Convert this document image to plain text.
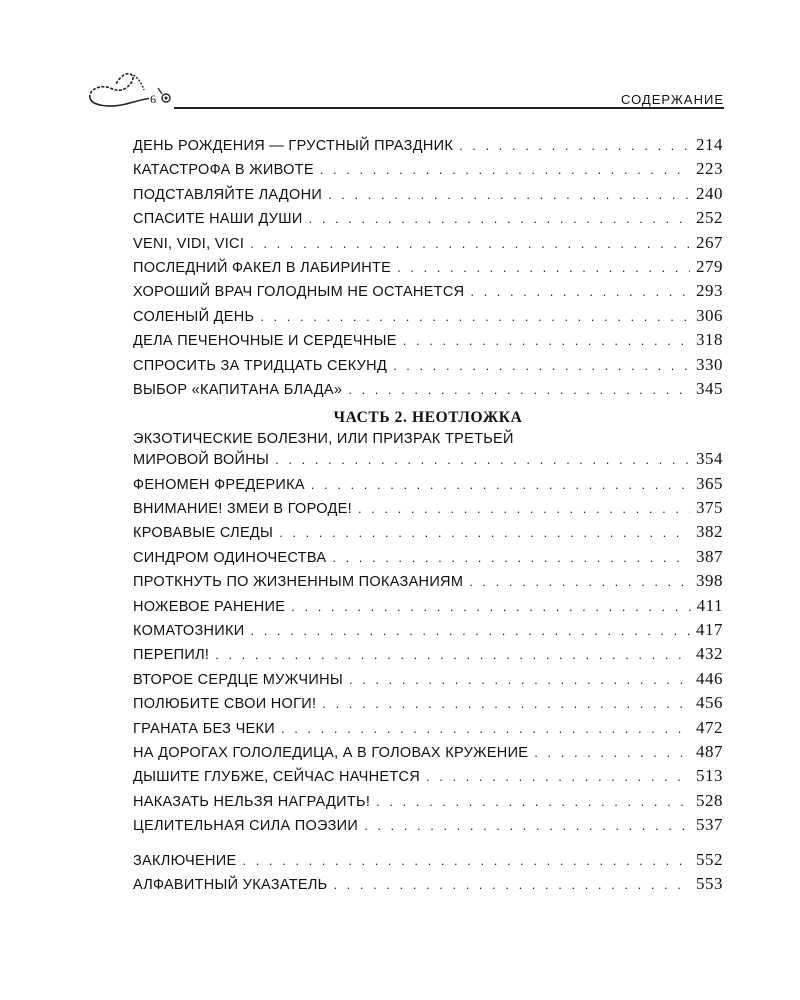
6	СОДЕРЖАНИЕ
ДЕНЬ РОЖДЕНИЯ — ГРУСТНЫЙ ПРАЗДНИК . . .	214
КАТАСТРОФА В ЖИВОТЕ . . .	223
ПОДСТАВЛЯЙТЕ ЛАДОНИ . . .	240
СПАСИТЕ НАШИ ДУШИ . . .	252
VENI, VIDI, VICI . . .	267
ПОСЛЕДНИЙ ФАКЕЛ В ЛАБИРИНТЕ . . .	279
ХОРОШИЙ ВРАЧ ГОЛОДНЫМ НЕ ОСТАНЕТСЯ . . .	293
СОЛЕНЫЙ ДЕНЬ . . .	306
ДЕЛА ПЕЧЕНОЧНЫЕ И СЕРДЕЧНЫЕ . . .	318
СПРОСИТЬ ЗА ТРИДЦАТЬ СЕКУНД . . .	330
ВЫБОР «КАПИТАНА БЛАДА» . . .	345
ЧАСТЬ 2. НЕОТЛОЖКА
ЭКЗОТИЧЕСКИЕ БОЛЕЗНИ, ИЛИ ПРИЗРАК ТРЕТЬЕЙ
МИРОВОЙ ВОЙНЫ . . .	354
ФЕНОМЕН ФРЕДЕРИКА . . .	365
ВНИМАНИЕ! ЗМЕИ В ГОРОДЕ! . . .	375
КРОВАВЫЕ СЛЕДЫ . . .	382
СИНДРОМ ОДИНОЧЕСТВА . . .	387
ПРОТКНУТЬ ПО ЖИЗНЕННЫМ ПОКАЗАНИЯМ . . .	398
НОЖЕВОЕ РАНЕНИЕ . . .	411
КОМАТОЗНИКИ . . .	417
ПЕРЕПИЛ! . . .	432
ВТОРОЕ СЕРДЦЕ МУЖЧИНЫ . . .	446
ПОЛЮБИТЕ СВОИ НОГИ! . . .	456
ГРАНАТА БЕЗ ЧЕКИ . . .	472
НА ДОРОГАХ ГОЛОЛЕДИЦА, А В ГОЛОВАХ КРУЖЕНИЕ . . .	487
ДЫШИТЕ ГЛУБЖЕ, СЕЙЧАС НАЧНЕТСЯ . . .	513
НАКАЗАТЬ НЕЛЬЗЯ НАГРАДИТЬ! . . .	528
ЦЕЛИТЕЛЬНАЯ СИЛА ПОЭЗИИ . . .	537
ЗАКЛЮЧЕНИЕ . . .	552
АЛФАВИТНЫЙ УКАЗАТЕЛЬ . . .	553
